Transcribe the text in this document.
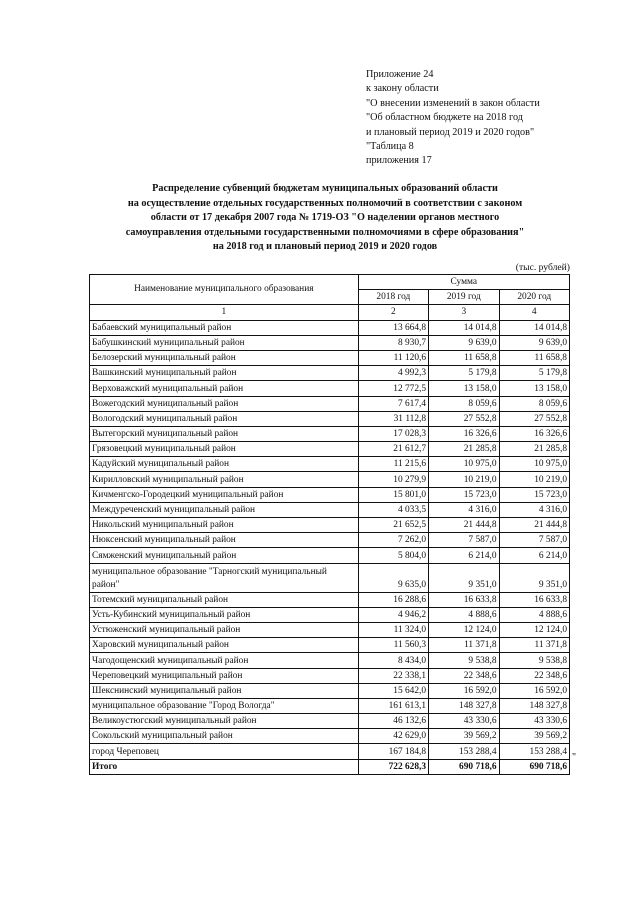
Приложение 24
к закону области
"О внесении изменений в закон области
"Об областном бюджете на 2018 год
и плановый период 2019 и 2020 годов"
"Таблица 8
приложения 17
Распределение субвенций бюджетам муниципальных образований области
на осуществление отдельных государственных полномочий в соответствии с законом
области от 17 декабря 2007 года № 1719-ОЗ "О наделении органов местного
самоуправления отдельными государственными полномочиями в сфере образования"
на 2018 год и плановый период 2019 и 2020 годов
(тыс. рублей)
Наименование муниципального образования	Сумма		
	2018 год	2019 год	2020 год
1	2	3	4
Бабаевский муниципальный район	13 664,8	14 014,8	14 014,8
Бабушкинский муниципальный район	8 930,7	9 639,0	9 639,0
Белозерский муниципальный район	11 120,6	11 658,8	11 658,8
Вашкинский муниципальный район	4 992,3	5 179,8	5 179,8
Верховажский муниципальный район	12 772,5	13 158,0	13 158,0
Вожегодский муниципальный район	7 617,4	8 059,6	8 059,6
Вологодский муниципальный район	31 112,8	27 552,8	27 552,8
Вытегорский муниципальный район	17 028,3	16 326,6	16 326,6
Грязовецкий муниципальный район	21 612,7	21 285,8	21 285,8
Кадуйский муниципальный район	11 215,6	10 975,0	10 975,0
Кирилловский муниципальный район	10 279,9	10 219,0	10 219,0
Кичменгско-Городецкий муниципальный район	15 801,0	15 723,0	15 723,0
Междуреченский муниципальный район	4 033,5	4 316,0	4 316,0
Никольский муниципальный район	21 652,5	21 444,8	21 444,8
Нюксенский муниципальный район	7 262,0	7 587,0	7 587,0
Сямженский муниципальный район	5 804,0	6 214,0	6 214,0
муниципальное образование "Тарногский муниципальный район"	9 635,0	9 351,0	9 351,0
Тотемский муниципальный район	16 288,6	16 633,8	16 633,8
Усть-Кубинский муниципальный район	4 946,2	4 888,6	4 888,6
Устюженский муниципальный район	11 324,0	12 124,0	12 124,0
Харовский муниципальный район	11 560,3	11 371,8	11 371,8
Чагодощенский муниципальный район	8 434,0	9 538,8	9 538,8
Череповецкий муниципальный район	22 338,1	22 348,6	22 348,6
Шекснинский муниципальный район	15 642,0	16 592,0	16 592,0
муниципальное образование "Город Вологда"	161 613,1	148 327,8	148 327,8
Великоустюгский муниципальный район	46 132,6	43 330,6	43 330,6
Сокольский муниципальный район	42 629,0	39 569,2	39 569,2
город Череповец	167 184,8	153 288,4	153 288,4
Итого	722 628,3	690 718,6	690 718,6
"
